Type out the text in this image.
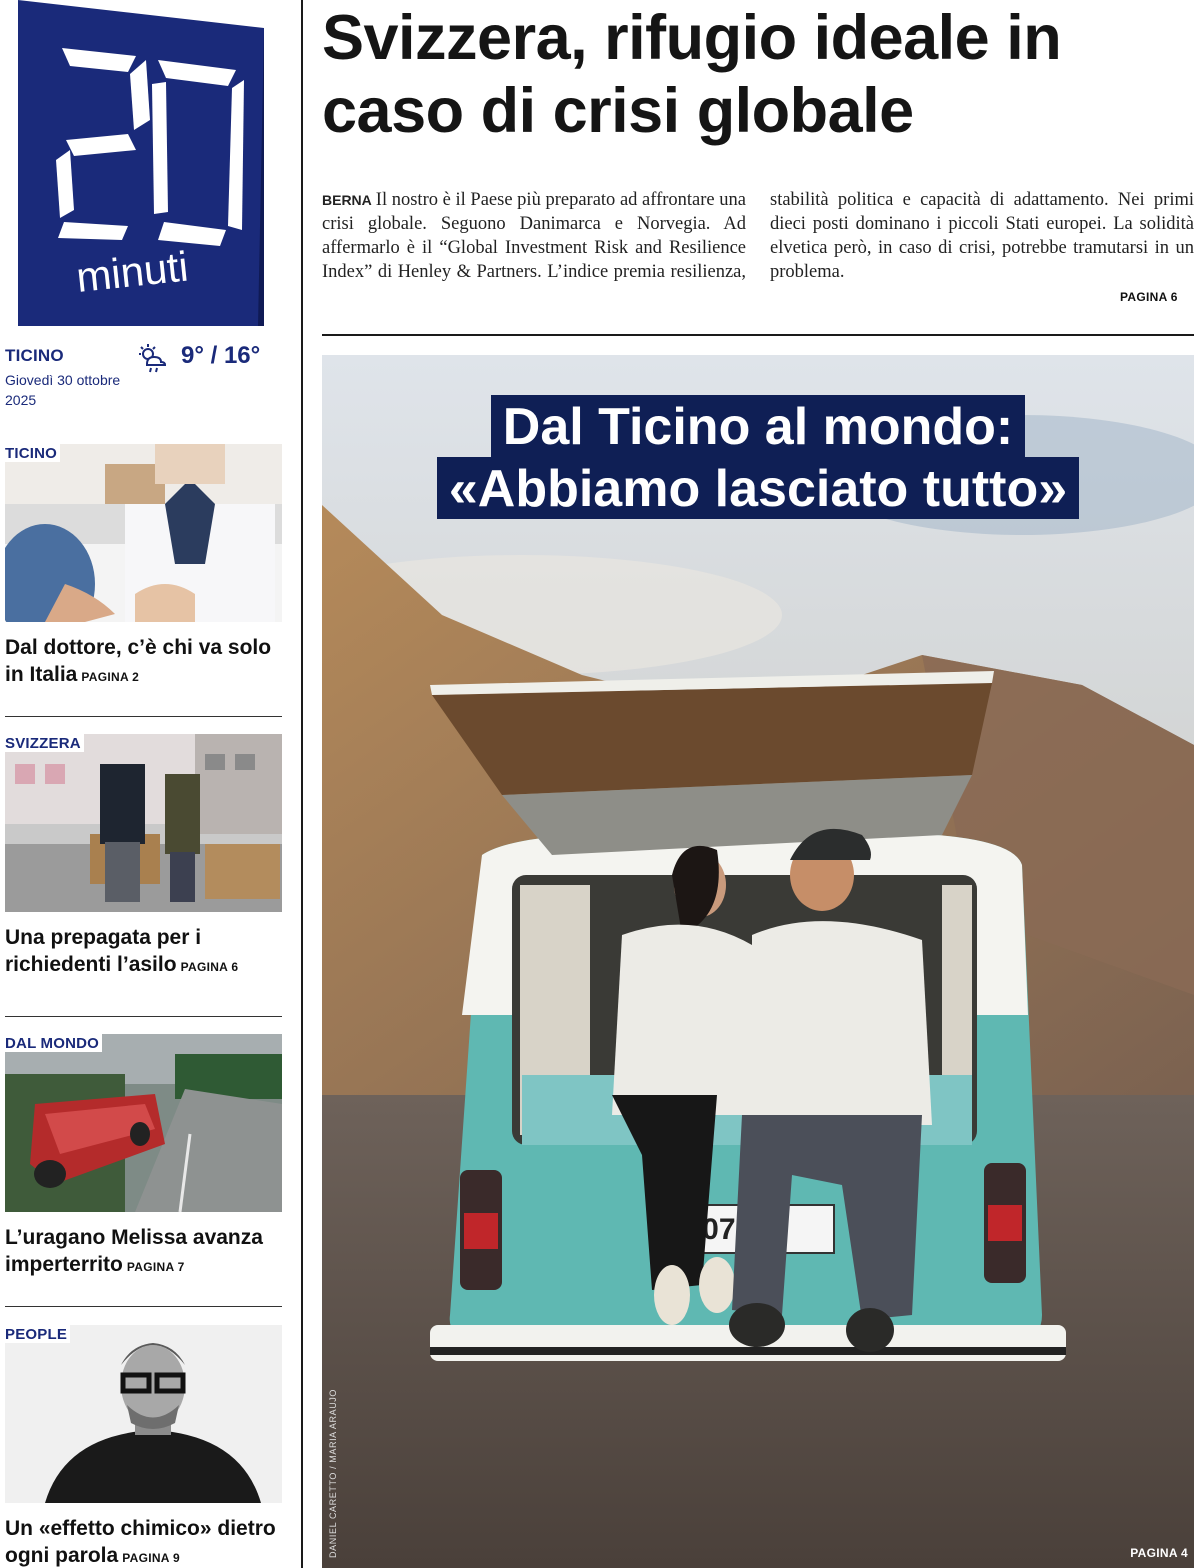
minuti
TICINO
Giovedì 30 ottobre 2025
9° / 16°
TICINO
Dal dottore, c’è chi va solo in Italia PAGINA 2
SVIZZERA
Una prepagata per i richiedenti l’asilo PAGINA 6
DAL MONDO
L’uragano Melissa avanza imperterrito PAGINA 7
PEOPLE
Un «effetto chimico» dietro ogni parola PAGINA 9
Svizzera, rifugio ideale in caso di crisi globale
BERNA Il nostro è il Paese più preparato ad affrontare una crisi globale. Seguono Danimarca e Norvegia. Ad affermarlo è il “Global Investment Risk and Resilience Index” di Henley & Partners. L’indice premia resilienza, stabilità politica e capacità di adattamento. Nei primi dieci posti dominano i piccoli Stati europei. La solidità elvetica però, in caso di crisi, potrebbe tramutarsi in un problema.
PAGINA 6
07
Dal Ticino al mondo:
«Abbiamo lasciato tutto»
DANIEL CARETTO / MARIA ARAUJO	PAGINA 4
